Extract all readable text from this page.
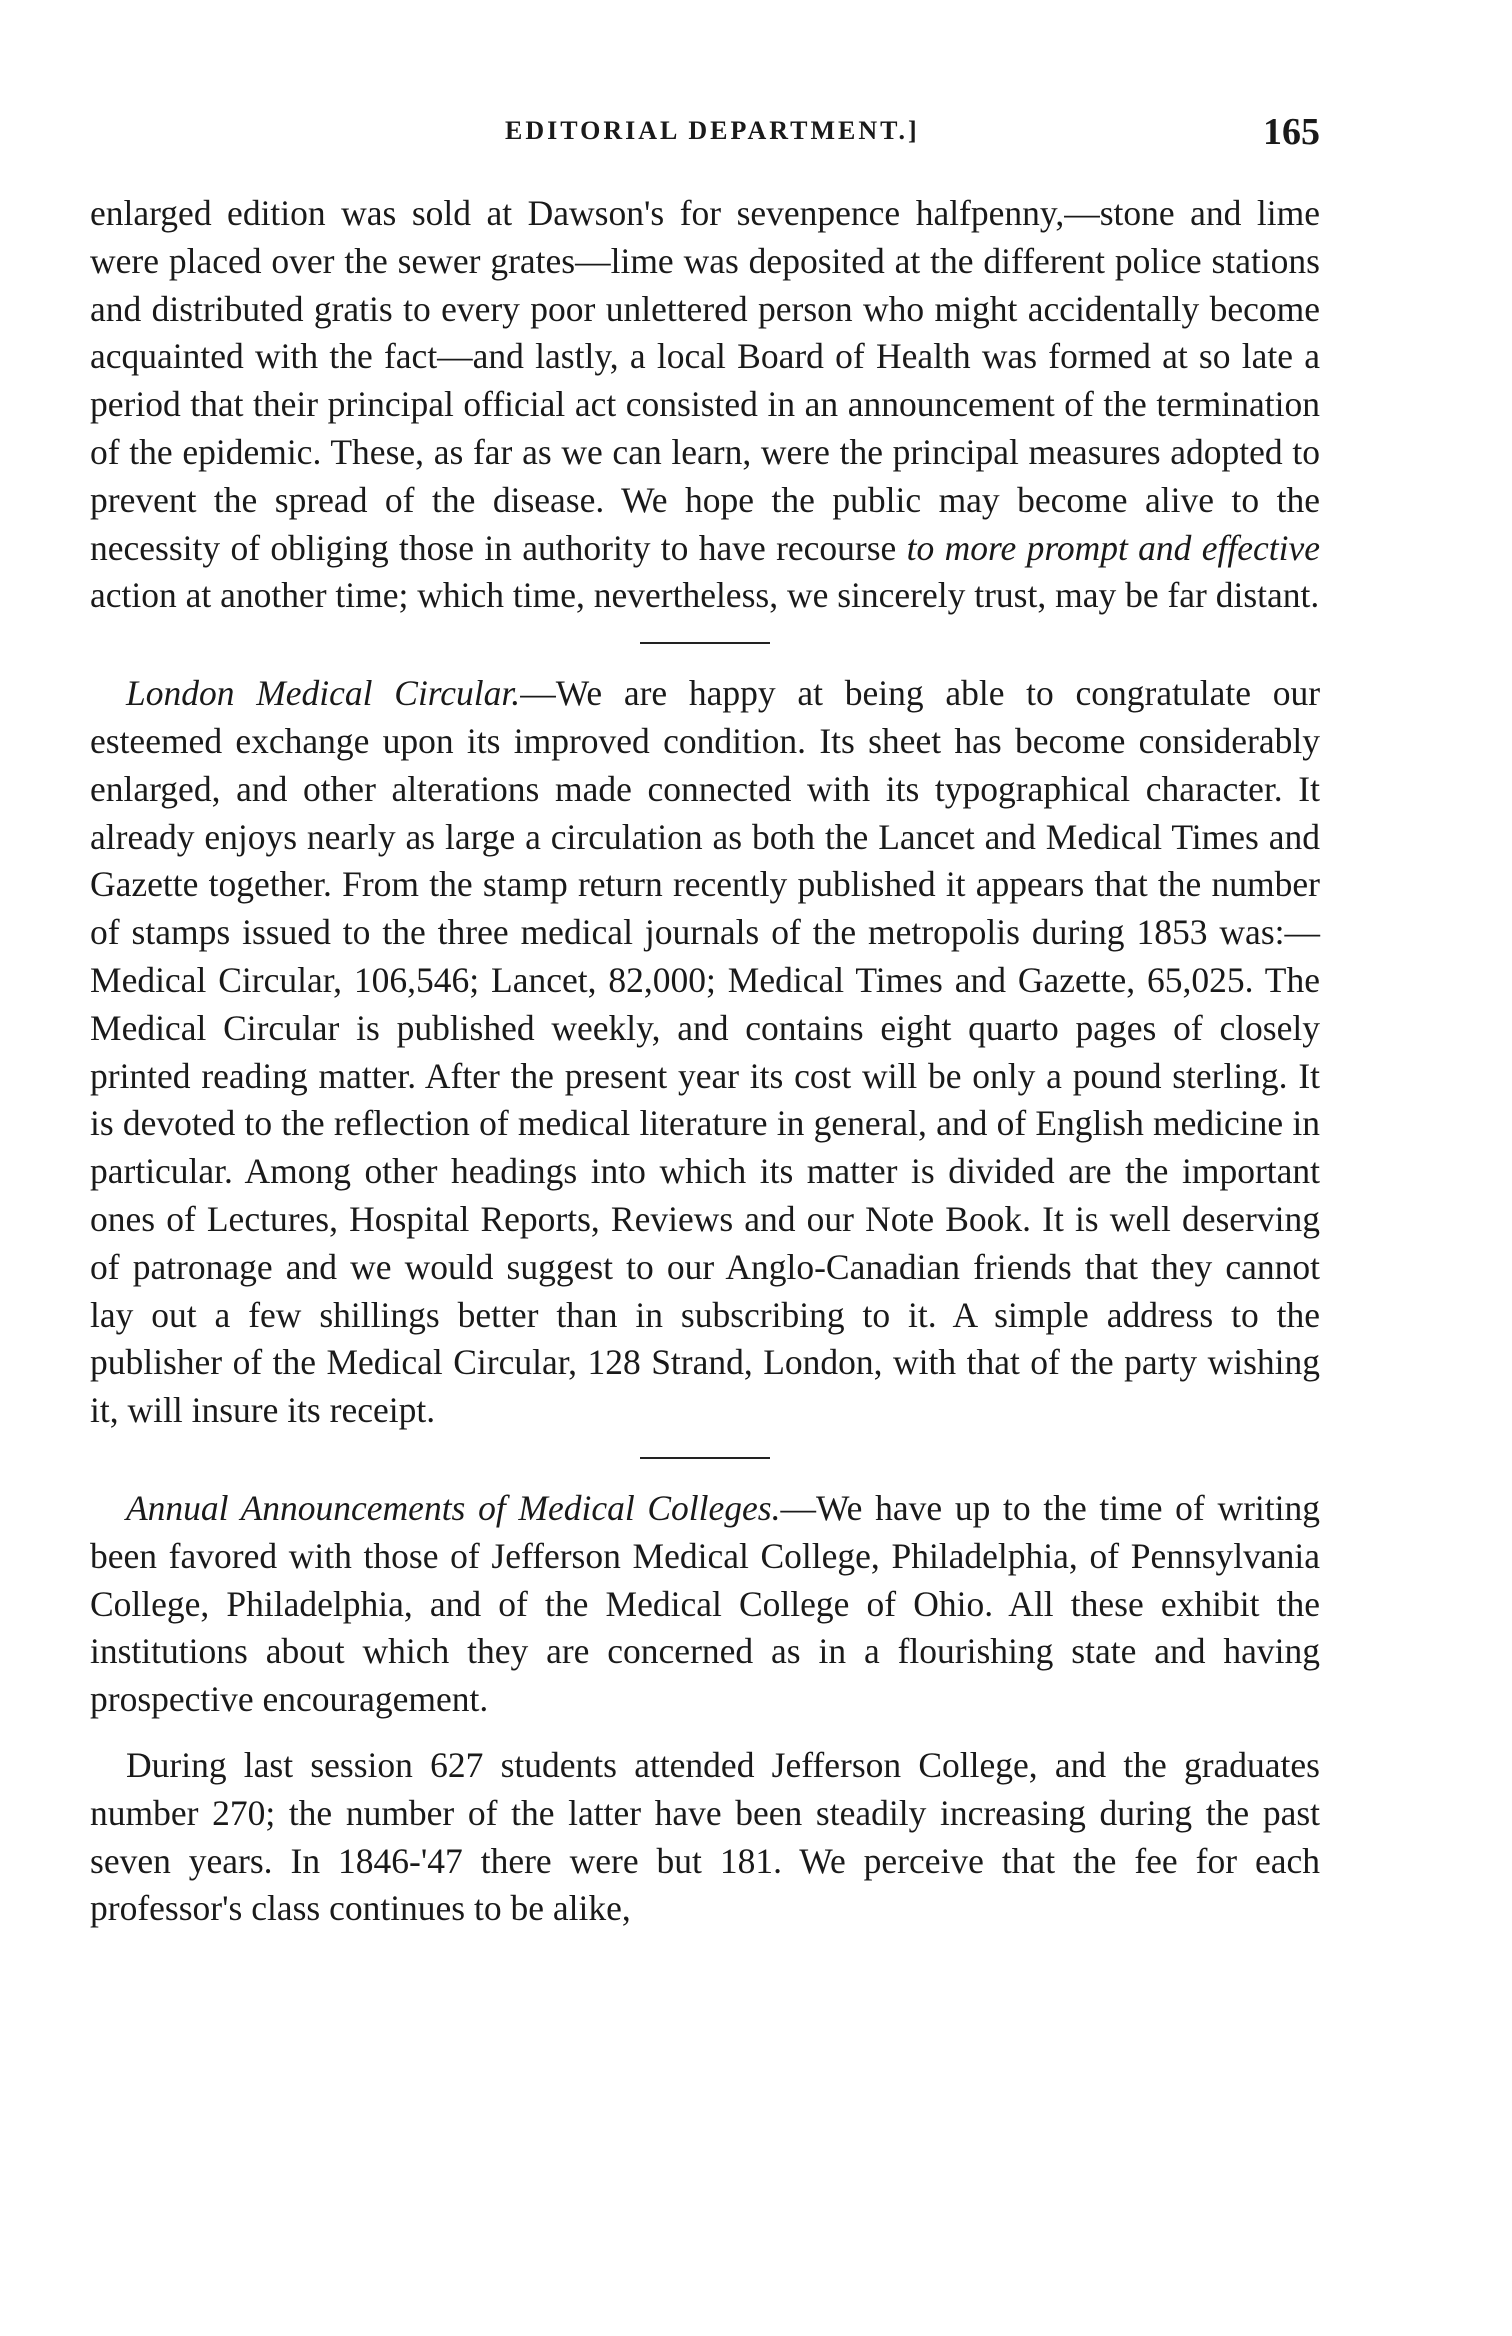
EDITORIAL DEPARTMENT.]	165

enlarged edition was sold at Dawson's for sevenpence halfpenny,—stone and lime were placed over the sewer grates—lime was deposited at the different police stations and distributed gratis to every poor unlettered person who might accidentally become acquainted with the fact—and lastly, a local Board of Health was formed at so late a period that their principal official act consisted in an announcement of the termination of the epidemic. These, as far as we can learn, were the principal measures adopted to prevent the spread of the disease. We hope the public may become alive to the necessity of obliging those in authority to have recourse to more prompt and effective action at another time; which time, nevertheless, we sincerely trust, may be far distant.

London Medical Circular.—We are happy at being able to congratulate our esteemed exchange upon its improved condition. Its sheet has become considerably enlarged, and other alterations made connected with its typographical character. It already enjoys nearly as large a circulation as both the Lancet and Medical Times and Gazette together. From the stamp return recently published it appears that the number of stamps issued to the three medical journals of the metropolis during 1853 was:—Medical Circular, 106,546; Lancet, 82,000; Medical Times and Gazette, 65,025. The Medical Circular is published weekly, and contains eight quarto pages of closely printed reading matter. After the present year its cost will be only a pound sterling. It is devoted to the reflection of medical literature in general, and of English medicine in particular. Among other headings into which its matter is divided are the important ones of Lectures, Hospital Reports, Reviews and our Note Book. It is well deserving of patronage and we would suggest to our Anglo-Canadian friends that they cannot lay out a few shillings better than in subscribing to it. A simple address to the publisher of the Medical Circular, 128 Strand, London, with that of the party wishing it, will insure its receipt.

Annual Announcements of Medical Colleges.—We have up to the time of writing been favored with those of Jefferson Medical College, Philadelphia, of Pennsylvania College, Philadelphia, and of the Medical College of Ohio. All these exhibit the institutions about which they are concerned as in a flourishing state and having prospective encouragement.

During last session 627 students attended Jefferson College, and the graduates number 270; the number of the latter have been steadily increasing during the past seven years. In 1846-'47 there were but 181. We perceive that the fee for each professor's class continues to be alike,
